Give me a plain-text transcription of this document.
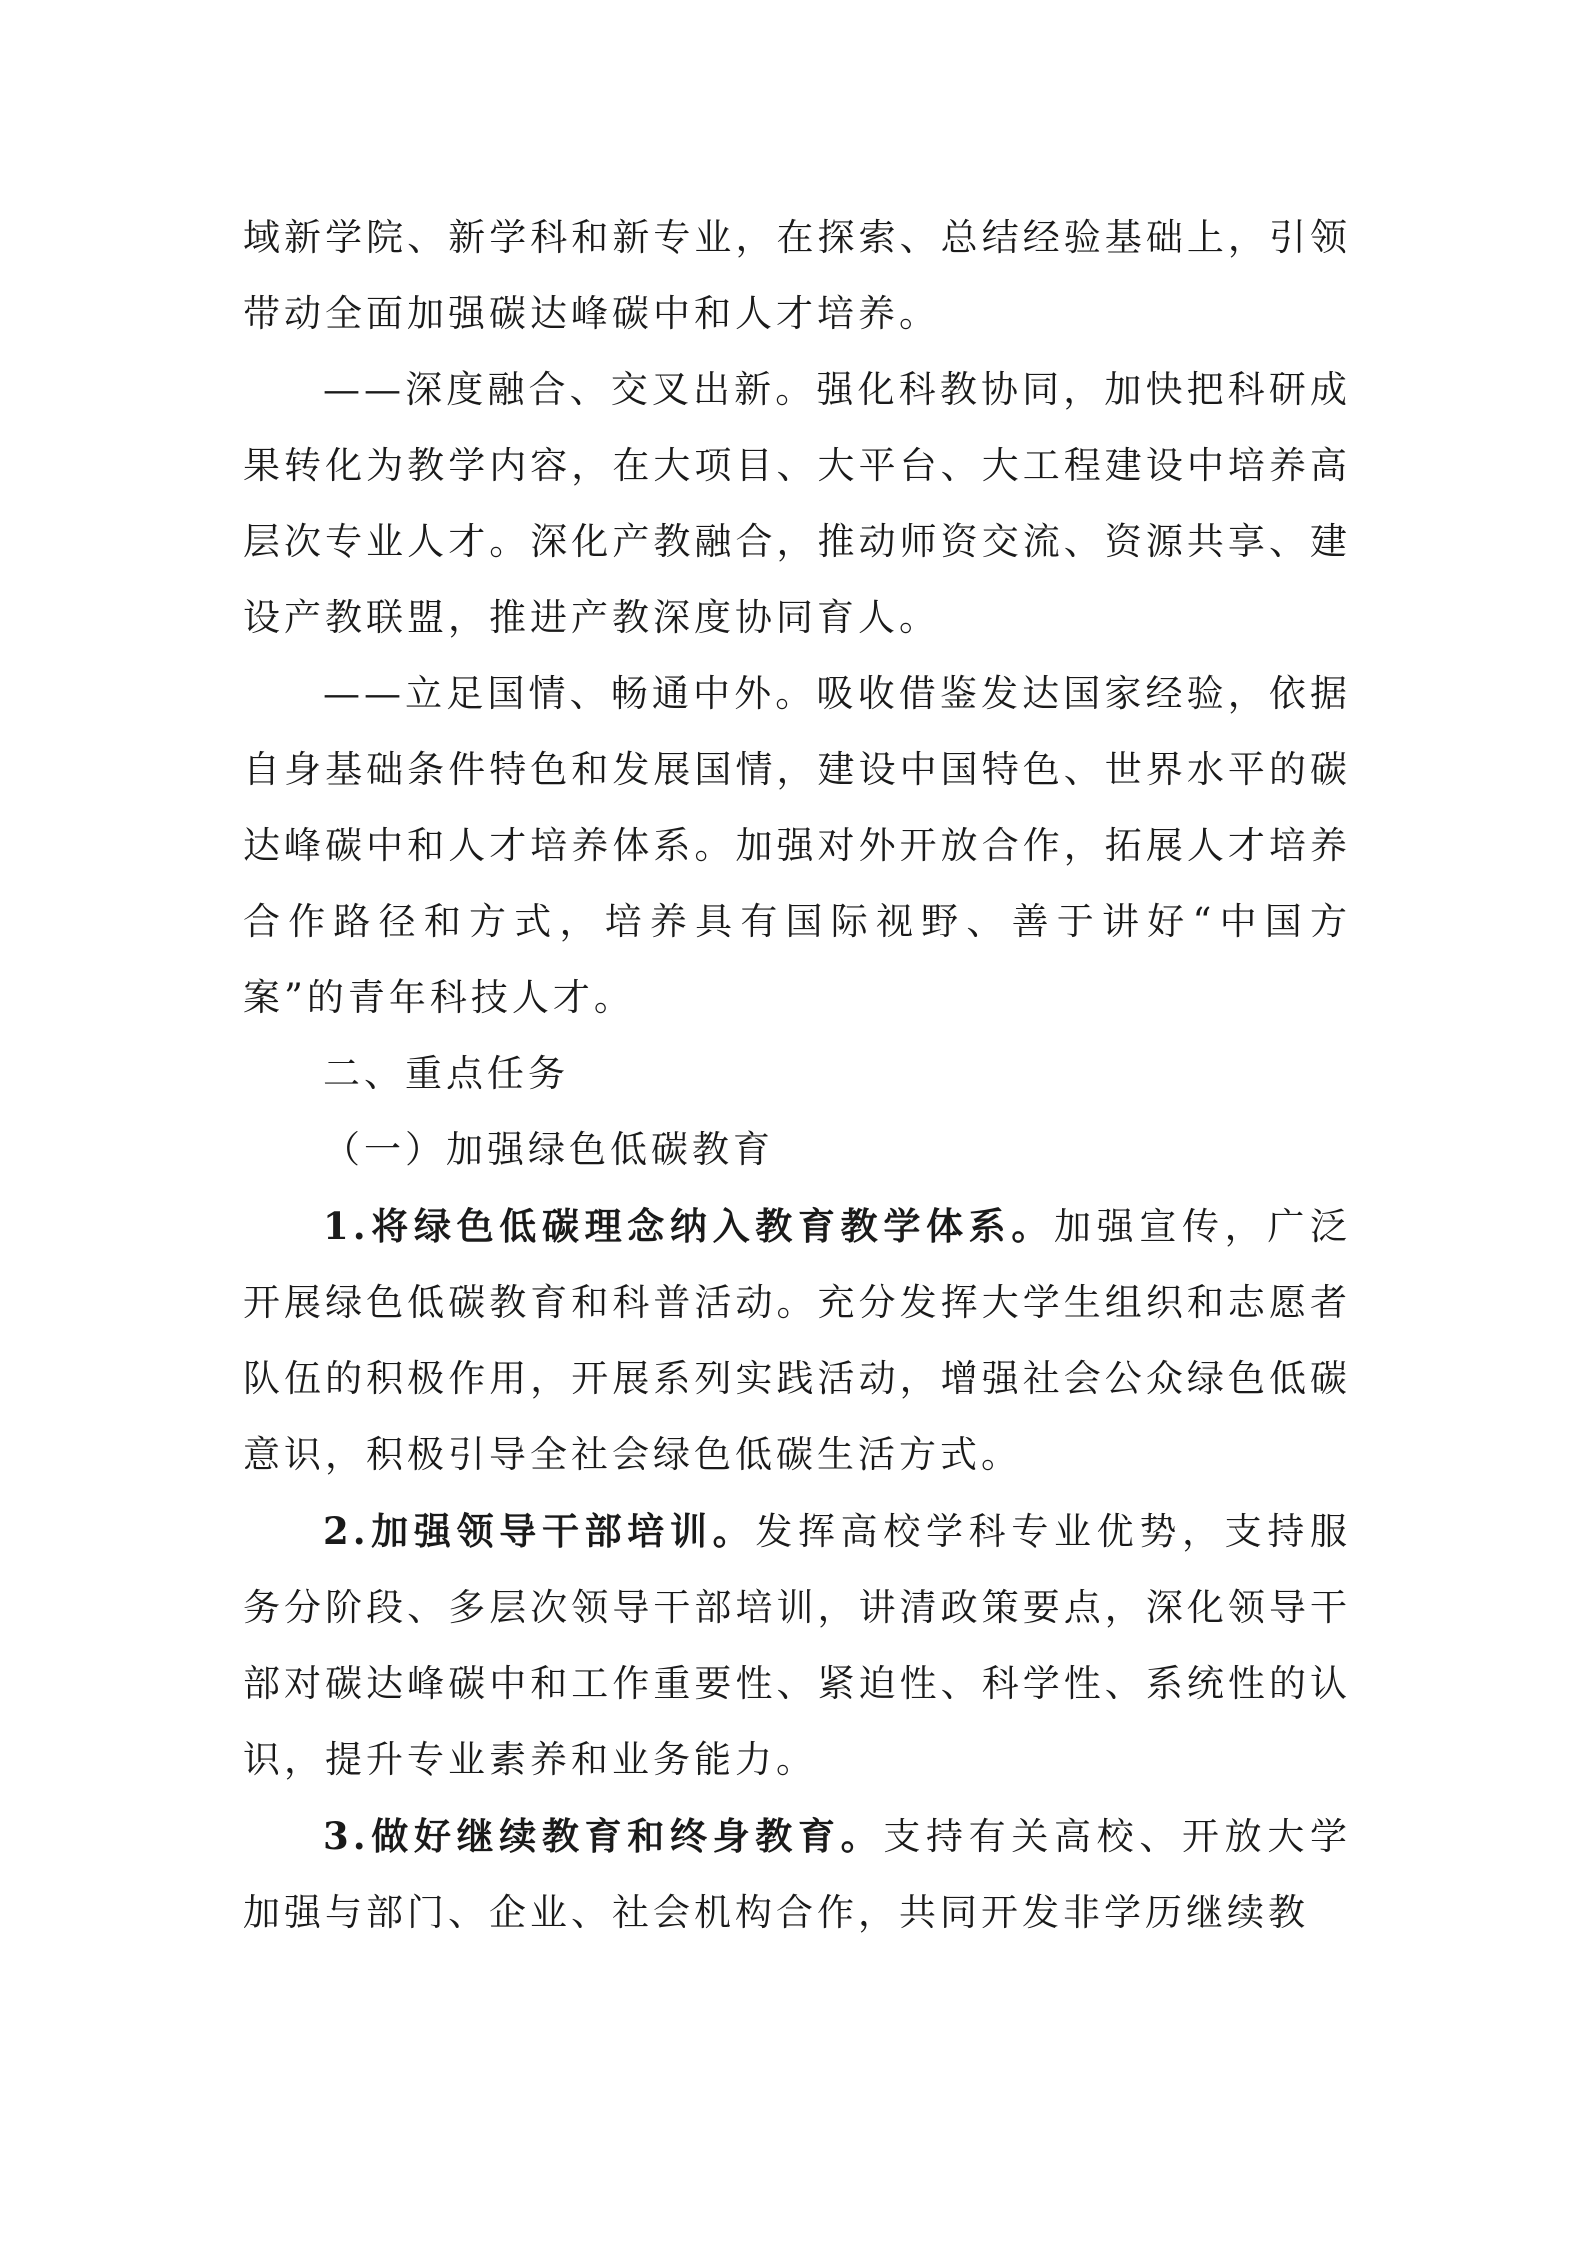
域新学院、新学科和新专业，在探索、总结经验基础上，引领带动全面加强碳达峰碳中和人才培养。

——深度融合、交叉出新。强化科教协同，加快把科研成果转化为教学内容，在大项目、大平台、大工程建设中培养高层次专业人才。深化产教融合，推动师资交流、资源共享、建设产教联盟，推进产教深度协同育人。

——立足国情、畅通中外。吸收借鉴发达国家经验，依据自身基础条件特色和发展国情，建设中国特色、世界水平的碳达峰碳中和人才培养体系。加强对外开放合作，拓展人才培养合作路径和方式，培养具有国际视野、善于讲好“中国方案”的青年科技人才。

二、重点任务

（一）加强绿色低碳教育

1.将绿色低碳理念纳入教育教学体系。加强宣传，广泛开展绿色低碳教育和科普活动。充分发挥大学生组织和志愿者队伍的积极作用，开展系列实践活动，增强社会公众绿色低碳意识，积极引导全社会绿色低碳生活方式。

2.加强领导干部培训。发挥高校学科专业优势，支持服务分阶段、多层次领导干部培训，讲清政策要点，深化领导干部对碳达峰碳中和工作重要性、紧迫性、科学性、系统性的认识，提升专业素养和业务能力。

3.做好继续教育和终身教育。支持有关高校、开放大学加强与部门、企业、社会机构合作，共同开发非学历继续教
